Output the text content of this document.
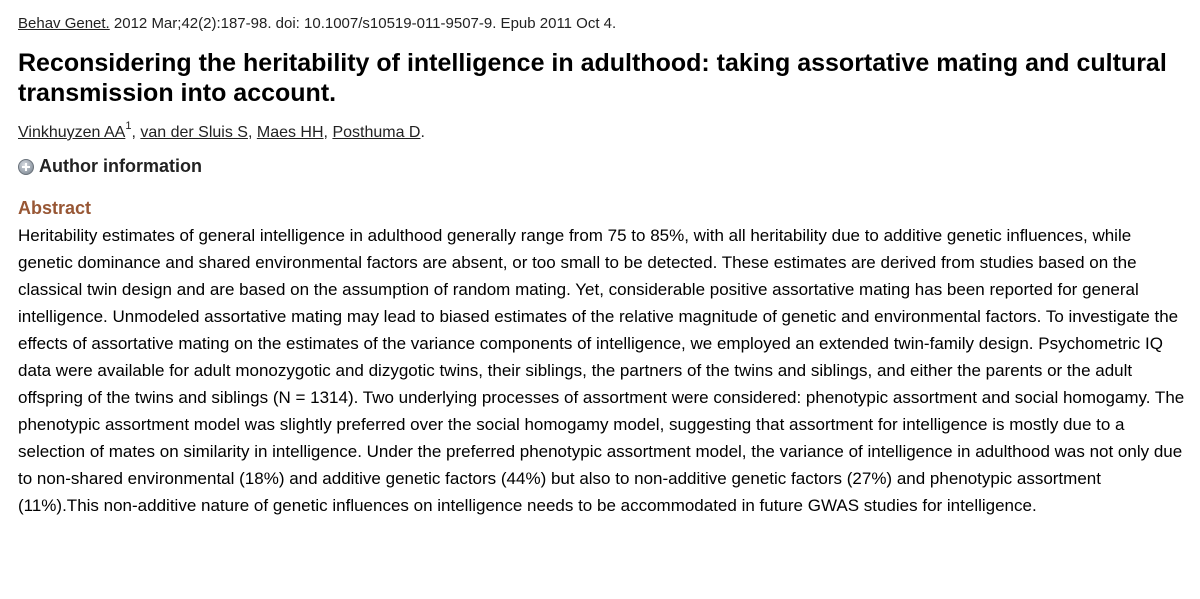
Behav Genet. 2012 Mar;42(2):187-98. doi: 10.1007/s10519-011-9507-9. Epub 2011 Oct 4.
Reconsidering the heritability of intelligence in adulthood: taking assortative mating and cultural transmission into account.
Vinkhuyzen $AA^1$, van der Sluis S, Maes HH, Posthuma D.
Author information
Abstract
Heritability estimates of general intelligence in adulthood generally range from 75 to 85%, with all heritability due to additive genetic influences, while genetic dominance and shared environmental factors are absent, or too small to be detected. These estimates are derived from studies based on the classical twin design and are based on the assumption of random mating. Yet, considerable positive assortative mating has been reported for general intelligence. Unmodeled assortative mating may lead to biased estimates of the relative magnitude of genetic and environmental factors. To investigate the effects of assortative mating on the estimates of the variance components of intelligence, we employed an extended twin-family design. Psychometric IQ data were available for adult monozygotic and dizygotic twins, their siblings, the partners of the twins and siblings, and either the parents or the adult offspring of the twins and siblings (N = 1314). Two underlying processes of assortment were considered: phenotypic assortment and social homogamy. The phenotypic assortment model was slightly preferred over the social homogamy model, suggesting that assortment for intelligence is mostly due to a selection of mates on similarity in intelligence. Under the preferred phenotypic assortment model, the variance of intelligence in adulthood was not only due to non-shared environmental (18%) and additive genetic factors (44%) but also to non-additive genetic factors (27%) and phenotypic assortment (11%).This non-additive nature of genetic influences on intelligence needs to be accommodated in future GWAS studies for intelligence.
